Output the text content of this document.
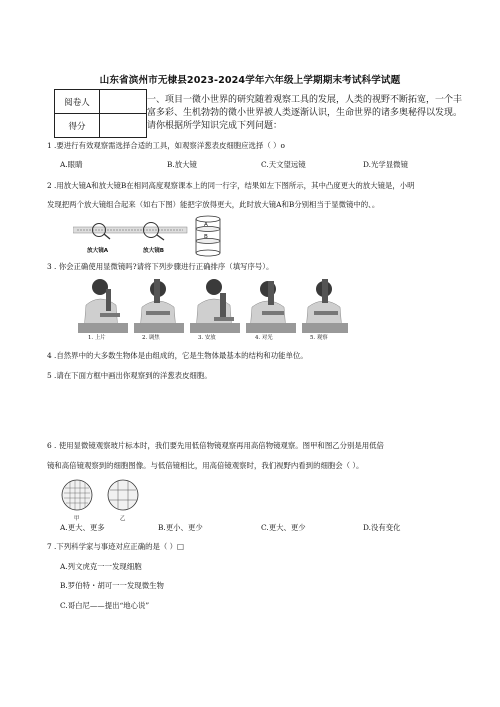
山东省滨州市无棣县2023-2024学年六年级上学期期末考试科学试题
阅卷人	
得分	
一、项目一微小世界的研究随着观察工具的发展，人类的视野不断拓宽，一个丰富多彩、生机勃勃的微小世界被人类逐渐认识，生命世界的诸多奥秘得以发现。请你根据所学知识完成下列问题：
1 .要进行有效观察需选择合适的工具，如观察洋葱表皮细胞应选择（ ）o
A.眼睛	B.放大镜	C.天文望远镜	D.光学显微镜
2 .用放大镜A和放大镜B在相同高度观察课本上的同一行字，结果如左下图所示，其中凸度更大的放大镜是，小明
发现把两个放大镜组合起来（如右下图）能把字放得更大，此时放大镜A和B分别相当于显微镜中的、。
放大镜A	放大镜B
A
B
3 . 你会正确使用显微镜吗?请将下列步骤进行正确排序（填写序号）。
1. 上片	2. 调焦	3. 安放	4. 对光	5. 观察
4 .自然界中的大多数生物体是由组成的，它是生物体最基本的结构和功能单位。
5 .请在下面方框中画出你观察到的洋葱表皮细胞。
6 . 使用显微镜观察玻片标本时，我们要先用低倍物镜观察再用高倍物镜观察。图甲和图乙分别是用低倍
镜和高倍镜观察到的细胞图像。与低倍镜相比，用高倍镜观察时，我们视野内看到的细胞会（ ）。
甲	乙
A.更大、更多	B.更小、更少	C.更大、更少	D.没有变化
7 .下列科学家与事迹对应正确的是（ ）□
A.列文虎克一一发现细胞
B.罗伯特・胡可一一发现微生物
C.哥白尼——提出“地心说”
